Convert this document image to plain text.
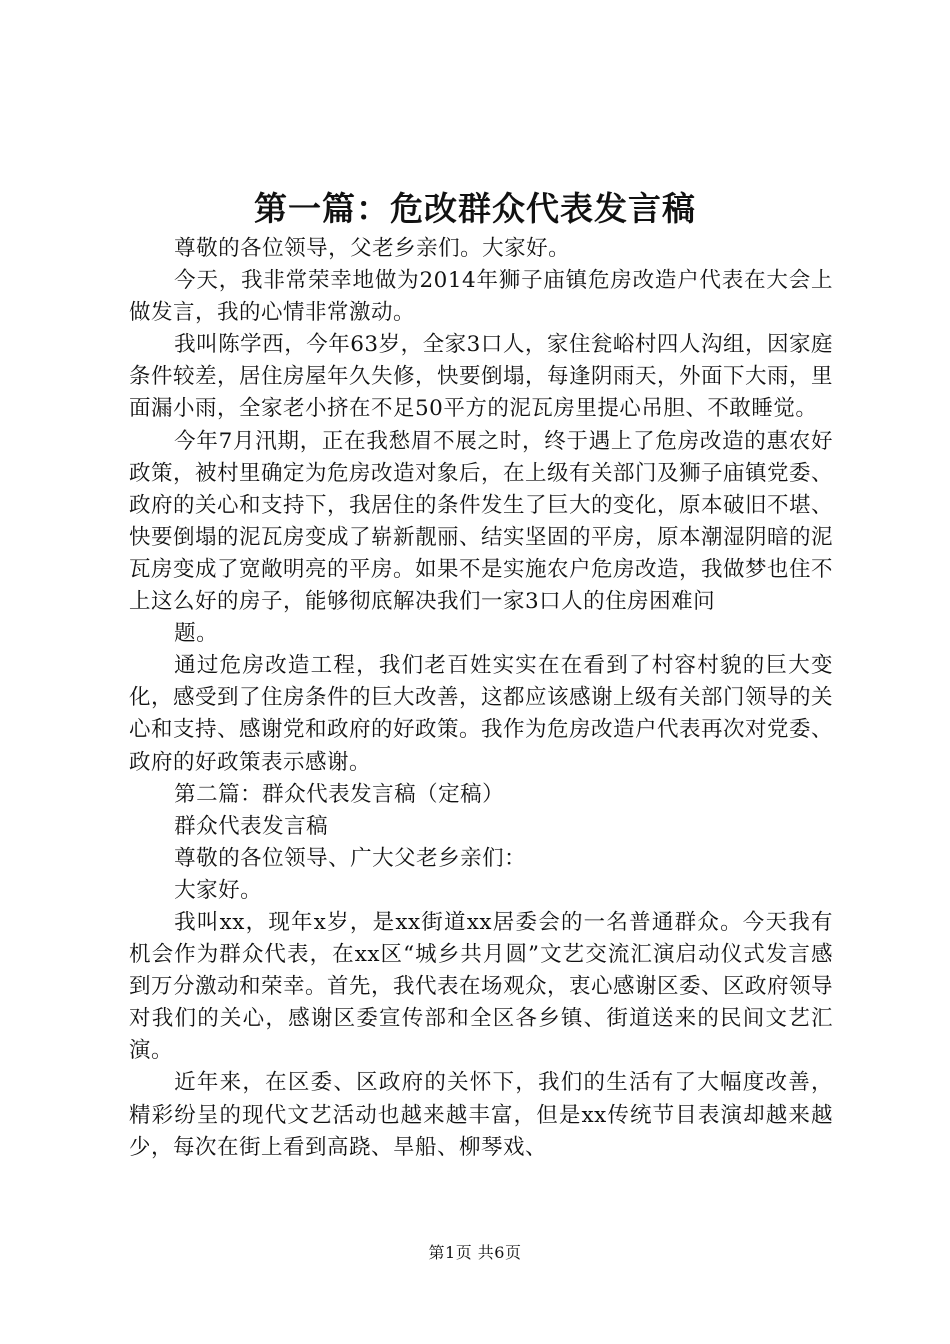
第一篇：危改群众代表发言稿

尊敬的各位领导，父老乡亲们。大家好。

今天，我非常荣幸地做为2014年狮子庙镇危房改造户代表在大会上做发言，我的心情非常激动。

我叫陈学西，今年63岁，全家3口人，家住瓮峪村四人沟组，因家庭条件较差，居住房屋年久失修，快要倒塌，每逢阴雨天，外面下大雨，里面漏小雨，全家老小挤在不足50平方的泥瓦房里提心吊胆、不敢睡觉。

今年7月汛期，正在我愁眉不展之时，终于遇上了危房改造的惠农好政策，被村里确定为危房改造对象后，在上级有关部门及狮子庙镇党委、政府的关心和支持下，我居住的条件发生了巨大的变化，原本破旧不堪、快要倒塌的泥瓦房变成了崭新靓丽、结实坚固的平房，原本潮湿阴暗的泥瓦房变成了宽敞明亮的平房。如果不是实施农户危房改造，我做梦也住不上这么好的房子，能够彻底解决我们一家3口人的住房困难问

题。

通过危房改造工程，我们老百姓实实在在看到了村容村貌的巨大变化，感受到了住房条件的巨大改善，这都应该感谢上级有关部门领导的关心和支持、感谢党和政府的好政策。我作为危房改造户代表再次对党委、政府的好政策表示感谢。

第二篇：群众代表发言稿（定稿）

群众代表发言稿

尊敬的各位领导、广大父老乡亲们：

大家好。

我叫xx，现年x岁，是xx街道xx居委会的一名普通群众。今天我有机会作为群众代表，在xx区“城乡共月圆”文艺交流汇演启动仪式发言感到万分激动和荣幸。首先，我代表在场观众，衷心感谢区委、区政府领导对我们的关心，感谢区委宣传部和全区各乡镇、街道送来的民间文艺汇演。

近年来，在区委、区政府的关怀下，我们的生活有了大幅度改善，精彩纷呈的现代文艺活动也越来越丰富，但是xx传统节目表演却越来越少，每次在街上看到高跷、旱船、柳琴戏、

第1页 共6页
